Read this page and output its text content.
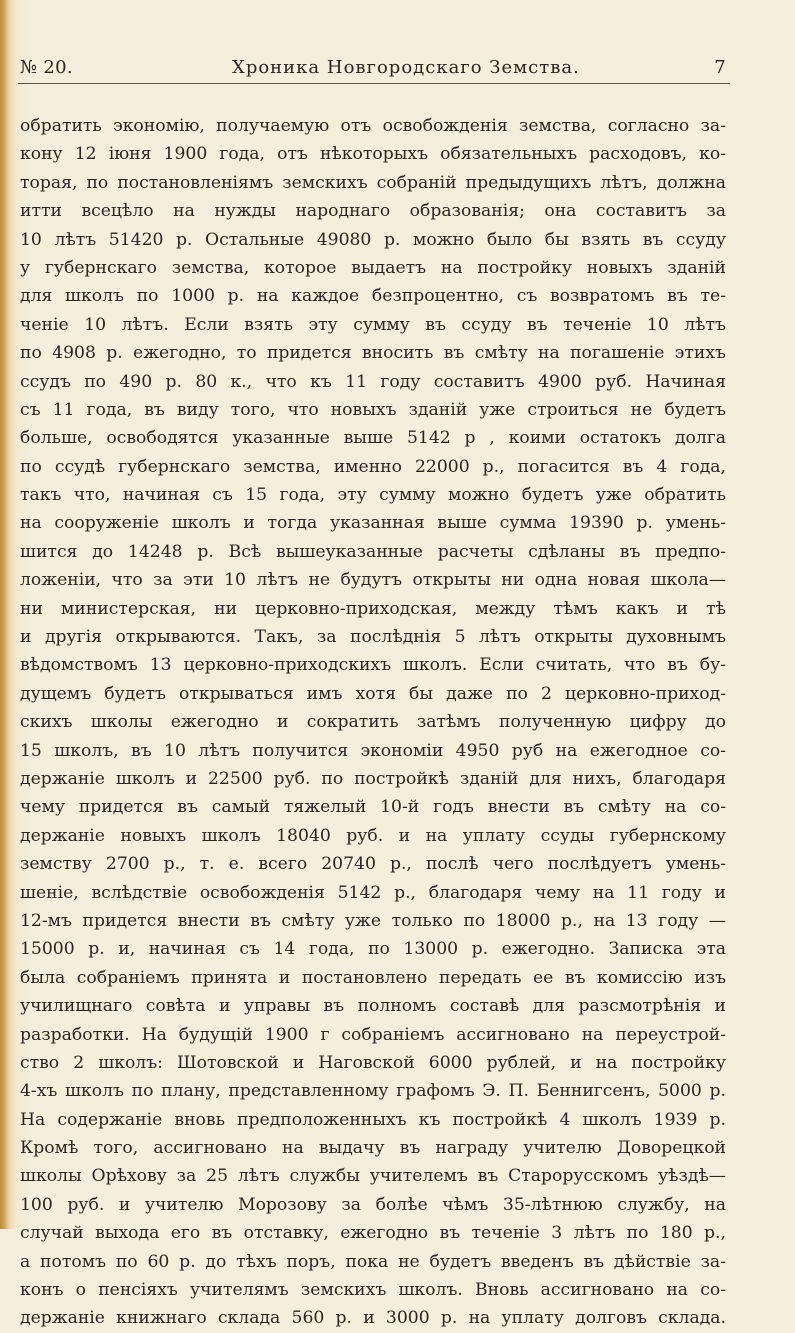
№ 20.	Хроника Новгородскаго Земства.	7
обратить экономію, получаемую отъ освобожденія земства, согласно за-
кону 12 іюня 1900 года, отъ нѣкоторыхъ обязательныхъ расходовъ, ко-
торая, по постановленіямъ земскихъ собраній предыдущихъ лѣтъ, должна
итти всецѣло на нужды народнаго образованія; она составитъ за
10 лѣтъ 51420 р. Остальные 49080 р. можно было бы взять въ ссуду
у губернскаго земства, которое выдаетъ на постройку новыхъ зданій
для школъ по 1000 р. на каждое безпроцентно, съ возвратомъ въ те-
ченіе 10 лѣтъ. Если взять эту сумму въ ссуду въ теченіе 10 лѣтъ
по 4908 р. ежегодно, то придется вносить въ смѣту на погашеніе этихъ
ссудъ по 490 р. 80 к., что къ 11 году составитъ 4900 руб. Начиная
съ 11 года, въ виду того, что новыхъ зданій уже строиться не будетъ
больше, освободятся указанные выше 5142 р , коими остатокъ долга
по ссудѣ губернскаго земства, именно 22000 р., погасится въ 4 года,
такъ что, начиная съ 15 года, эту сумму можно будетъ уже обратить
на сооруженіе школъ и тогда указанная выше сумма 19390 р. умень-
шится до 14248 р. Всѣ вышеуказанные расчеты сдѣланы въ предпо-
ложеніи, что за эти 10 лѣтъ не будутъ открыты ни одна новая школа—
ни министерская, ни церковно-приходская, между тѣмъ какъ и тѣ
и другія открываются. Такъ, за послѣднія 5 лѣтъ открыты духовнымъ
вѣдомствомъ 13 церковно-приходскихъ школъ. Если считать, что въ бу-
дущемъ будетъ открываться имъ хотя бы даже по 2 церковно-приход-
скихъ школы ежегодно и сократить затѣмъ полученную цифру до
15 школъ, въ 10 лѣтъ получится экономіи 4950 руб на ежегодное со-
держаніе школъ и 22500 руб. по постройкѣ зданій для нихъ, благодаря
чему придется въ самый тяжелый 10-й годъ внести въ смѣту на со-
держаніе новыхъ школъ 18040 руб. и на уплату ссуды губернскому
земству 2700 р., т. е. всего 20740 р., послѣ чего послѣдуетъ умень-
шеніе, вслѣдствіе освобожденія 5142 р., благодаря чему на 11 году и
12-мъ придется внести въ смѣту уже только по 18000 р., на 13 году —
15000 р. и, начиная съ 14 года, по 13000 р. ежегодно. Записка эта
была собраніемъ принята и постановлено передать ее въ комиссію изъ
училищнаго совѣта и управы въ полномъ составѣ для разсмотрѣнія и
разработки. На будущій 1900 г собраніемъ ассигновано на переустрой-
ство 2 школъ: Шотовской и Наговской 6000 рублей, и на постройку
4-хъ школъ по плану, представленному графомъ Э. П. Беннигсенъ, 5000 р.
На содержаніе вновь предположенныхъ къ постройкѣ 4 школъ 1939 р.
Кромѣ того, ассигновано на выдачу въ награду учителю Доворецкой
школы Орѣхову за 25 лѣтъ службы учителемъ въ Старорусскомъ уѣздѣ—
100 руб. и учителю Морозову за болѣе чѣмъ 35-лѣтнюю службу, на
случай выхода его въ отставку, ежегодно въ теченіе 3 лѣтъ по 180 р.,
а потомъ по 60 р. до тѣхъ поръ, пока не будетъ введенъ въ дѣйствіе за-
конъ о пенсіяхъ учителямъ земскихъ школъ. Вновь ассигновано на со-
держаніе книжнаго склада 560 р. и 3000 р. на уплату долговъ склада.
